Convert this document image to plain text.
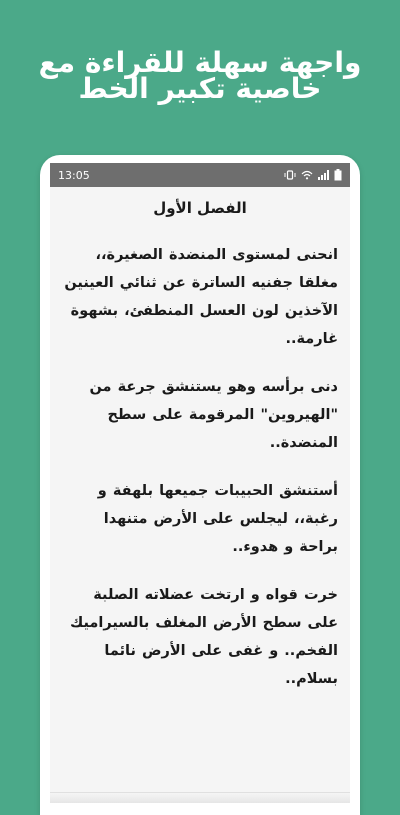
واجهة سهلة للقراءة مع
خاصية تكبير الخط
13:05
الفصل الأول

انحنى لمستوى المنضدة الصغيرة،، مغلقا جفنيه الساترة عن ثنائي العينين الآخذين لون العسل المنطفئ، بشهوة غارمة..

دنى برأسه وهو يستنشق جرعة من "الهيروين" المرقومة على سطح المنضدة..

أستنشق الحبيبات جميعها بلهفة و رغبة،، ليجلس على الأرض متنهدا براحة و هدوء..

خرت قواه و ارتخت عضلاته الصلبة على سطح الأرض المغلف بالسيراميك الفخم.. و غفى على الأرض نائما بسلام..
